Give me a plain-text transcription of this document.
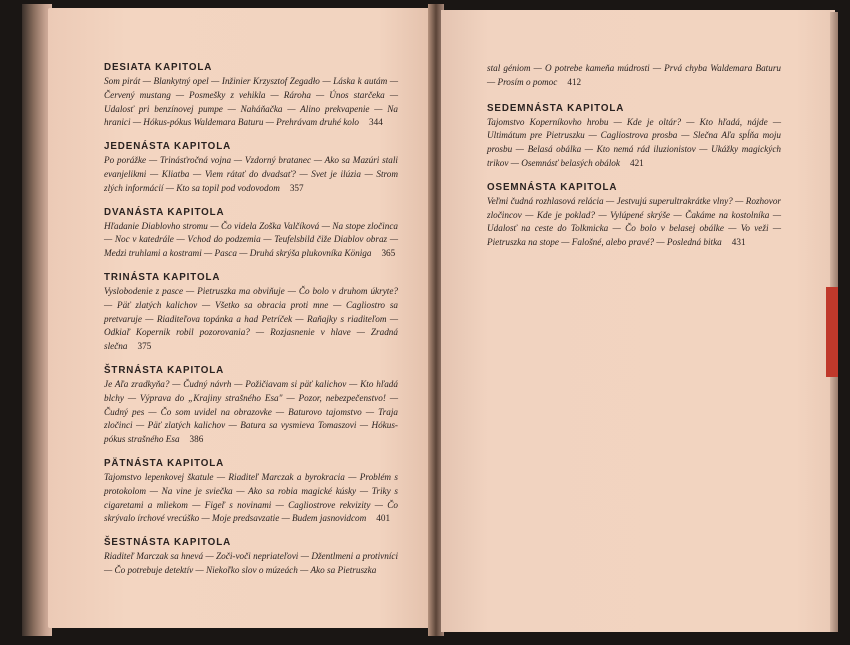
DESIATA KAPITOLA

Som pirát — Blankytný opel — Inžinier Krzysztof Zegadło — Láska k autám — Červený mustang — Posmešky z vehikla — Rároha — Únos starčeka — Udalosť pri benzínovej pumpe — Naháňačka — Alino prekvapenie — Na hranici — Hókus-pókus Waldemara Baturu — Prehrávam druhé kolo 344

JEDENÁSTA KAPITOLA

Po porážke — Trinásťročná vojna — Vzdorný bratanec — Ako sa Mazúri stali evanjelikmi — Kliatba — Viem rátať do dvadsať? — Svet je ilúzia — Strom zlých informácií — Kto sa topil pod vodovodom 357

DVANÁSTA KAPITOLA

Hľadanie Diablovho stromu — Čo videla Zoška Valčíková — Na stope zločinca — Noc v katedrále — Vchod do podzemia — Teufelsbild čiže Diablov obraz — Medzi truhlami a kostrami — Pasca — Druhá skrýša plukovníka Königa 365

TRINÁSTA KAPITOLA

Vyslobodenie z pasce — Pietruszka ma obviňuje — Čo bolo v druhom úkryte? — Päť zlatých kalichov — Všetko sa obracia proti mne — Cagliostro sa pretvaruje — Riaditeľova topánka a had Petríček — Raňajky s riaditeľom — Odkiaľ Kopernik robil pozorovania? — Rozjasnenie v hlave — Zradná slečna 375

ŠTRNÁSTA KAPITOLA

Je Aľa zradkyňa? — Čudný návrh — Požičiavam si päť kalichov — Kto hľadá blchy — Výprava do „Krajiny strašného Esa" — Pozor, nebezpečenstvo! — Čudný pes — Čo som uvidel na obrazovke — Baturovo tajomstvo — Traja zločinci — Päť zlatých kalichov — Batura sa vysmieva Tomaszovi — Hókus-pókus strašného Esa 386

PÄTNÁSTA KAPITOLA

Tajomstvo lepenkovej škatule — Riaditeľ Marczak a byrokracia — Problém s protokolom — Na vine je sviečka — Ako sa robia magické kúsky — Triky s cigaretami a mliekom — Figeľ s novinami — Cagliostrove rekvizity — Čo skrývalo írchové vrecúško — Moje predsavzatie — Budem jasnovidcom 401

ŠESTNÁSTA KAPITOLA

Riaditeľ Marczak sa hnevá — Zoči-voči nepriateľovi — Džentlmeni a protivníci — Čo potrebuje detektív — Niekoľko slov o múzeách — Ako sa Pietruszka

stal géniom — O potrebe kameňa múdrosti — Prvá chyba Waldemara Baturu — Prosím o pomoc 412

SEDEMNÁSTA KAPITOLA

Tajomstvo Koperníkovho hrobu — Kde je oltár? — Kto hľadá, nájde — Ultimátum pre Pietruszku — Cagliostrova prosba — Slečna Aľa spĺňa moju prosbu — Belasá obálka — Kto nemá rád iluzionistov — Ukážky magických trikov — Osemnásť belasých obálok 421

OSEMNÁSTA KAPITOLA

Veľmi čudná rozhlasová relácia — Jestvujú superultrakrátke vlny? — Rozhovor zločincov — Kde je poklad? — Vylúpené skrýše — Čakáme na kostolníka — Udalosť na ceste do Tolkmicka — Čo bolo v belasej obálke — Vo veži — Pietruszka na stope — Falošné, alebo pravé? — Posledná bitka 431
